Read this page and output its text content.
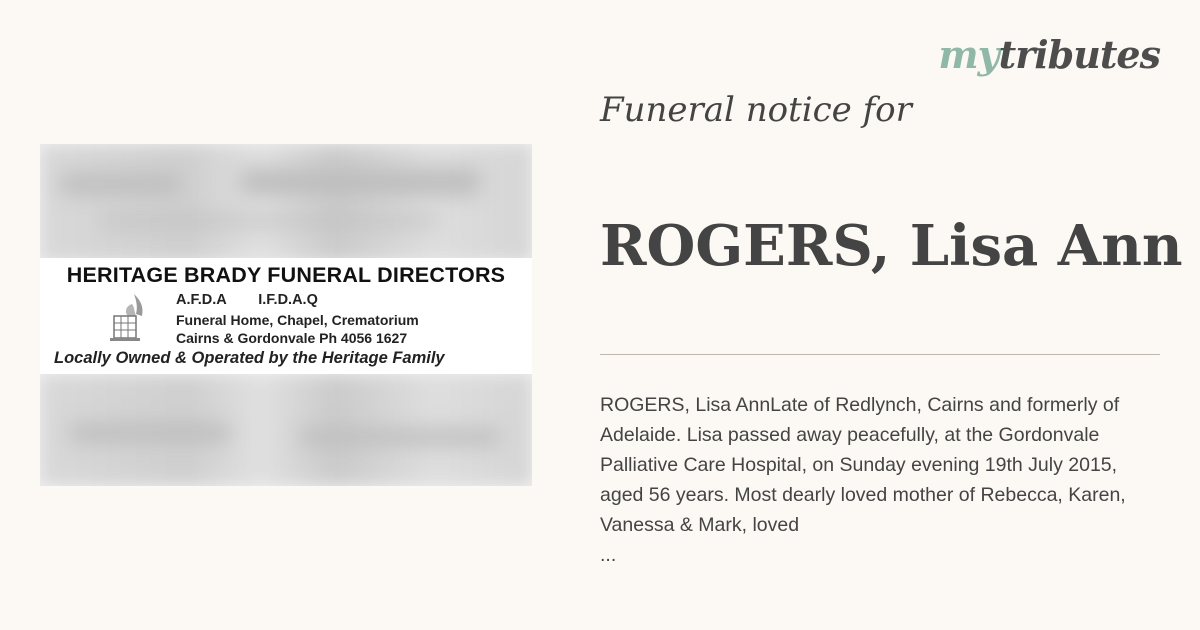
mytributes
HERITAGE BRADY FUNERAL DIRECTORS
A.F.D.A I.F.D.A.Q
Funeral Home, Chapel, Crematorium
Cairns & Gordonvale Ph 4056 1627
Locally Owned & Operated by the Heritage Family
Funeral notice for
ROGERS, Lisa Ann

ROGERS, Lisa AnnLate of Redlynch, Cairns and formerly of Adelaide. Lisa passed away peacefully, at the Gordonvale Palliative Care Hospital, on Sunday evening 19th July 2015, aged 56 years. Most dearly loved mother of Rebecca, Karen, Vanessa & Mark, loved

...
